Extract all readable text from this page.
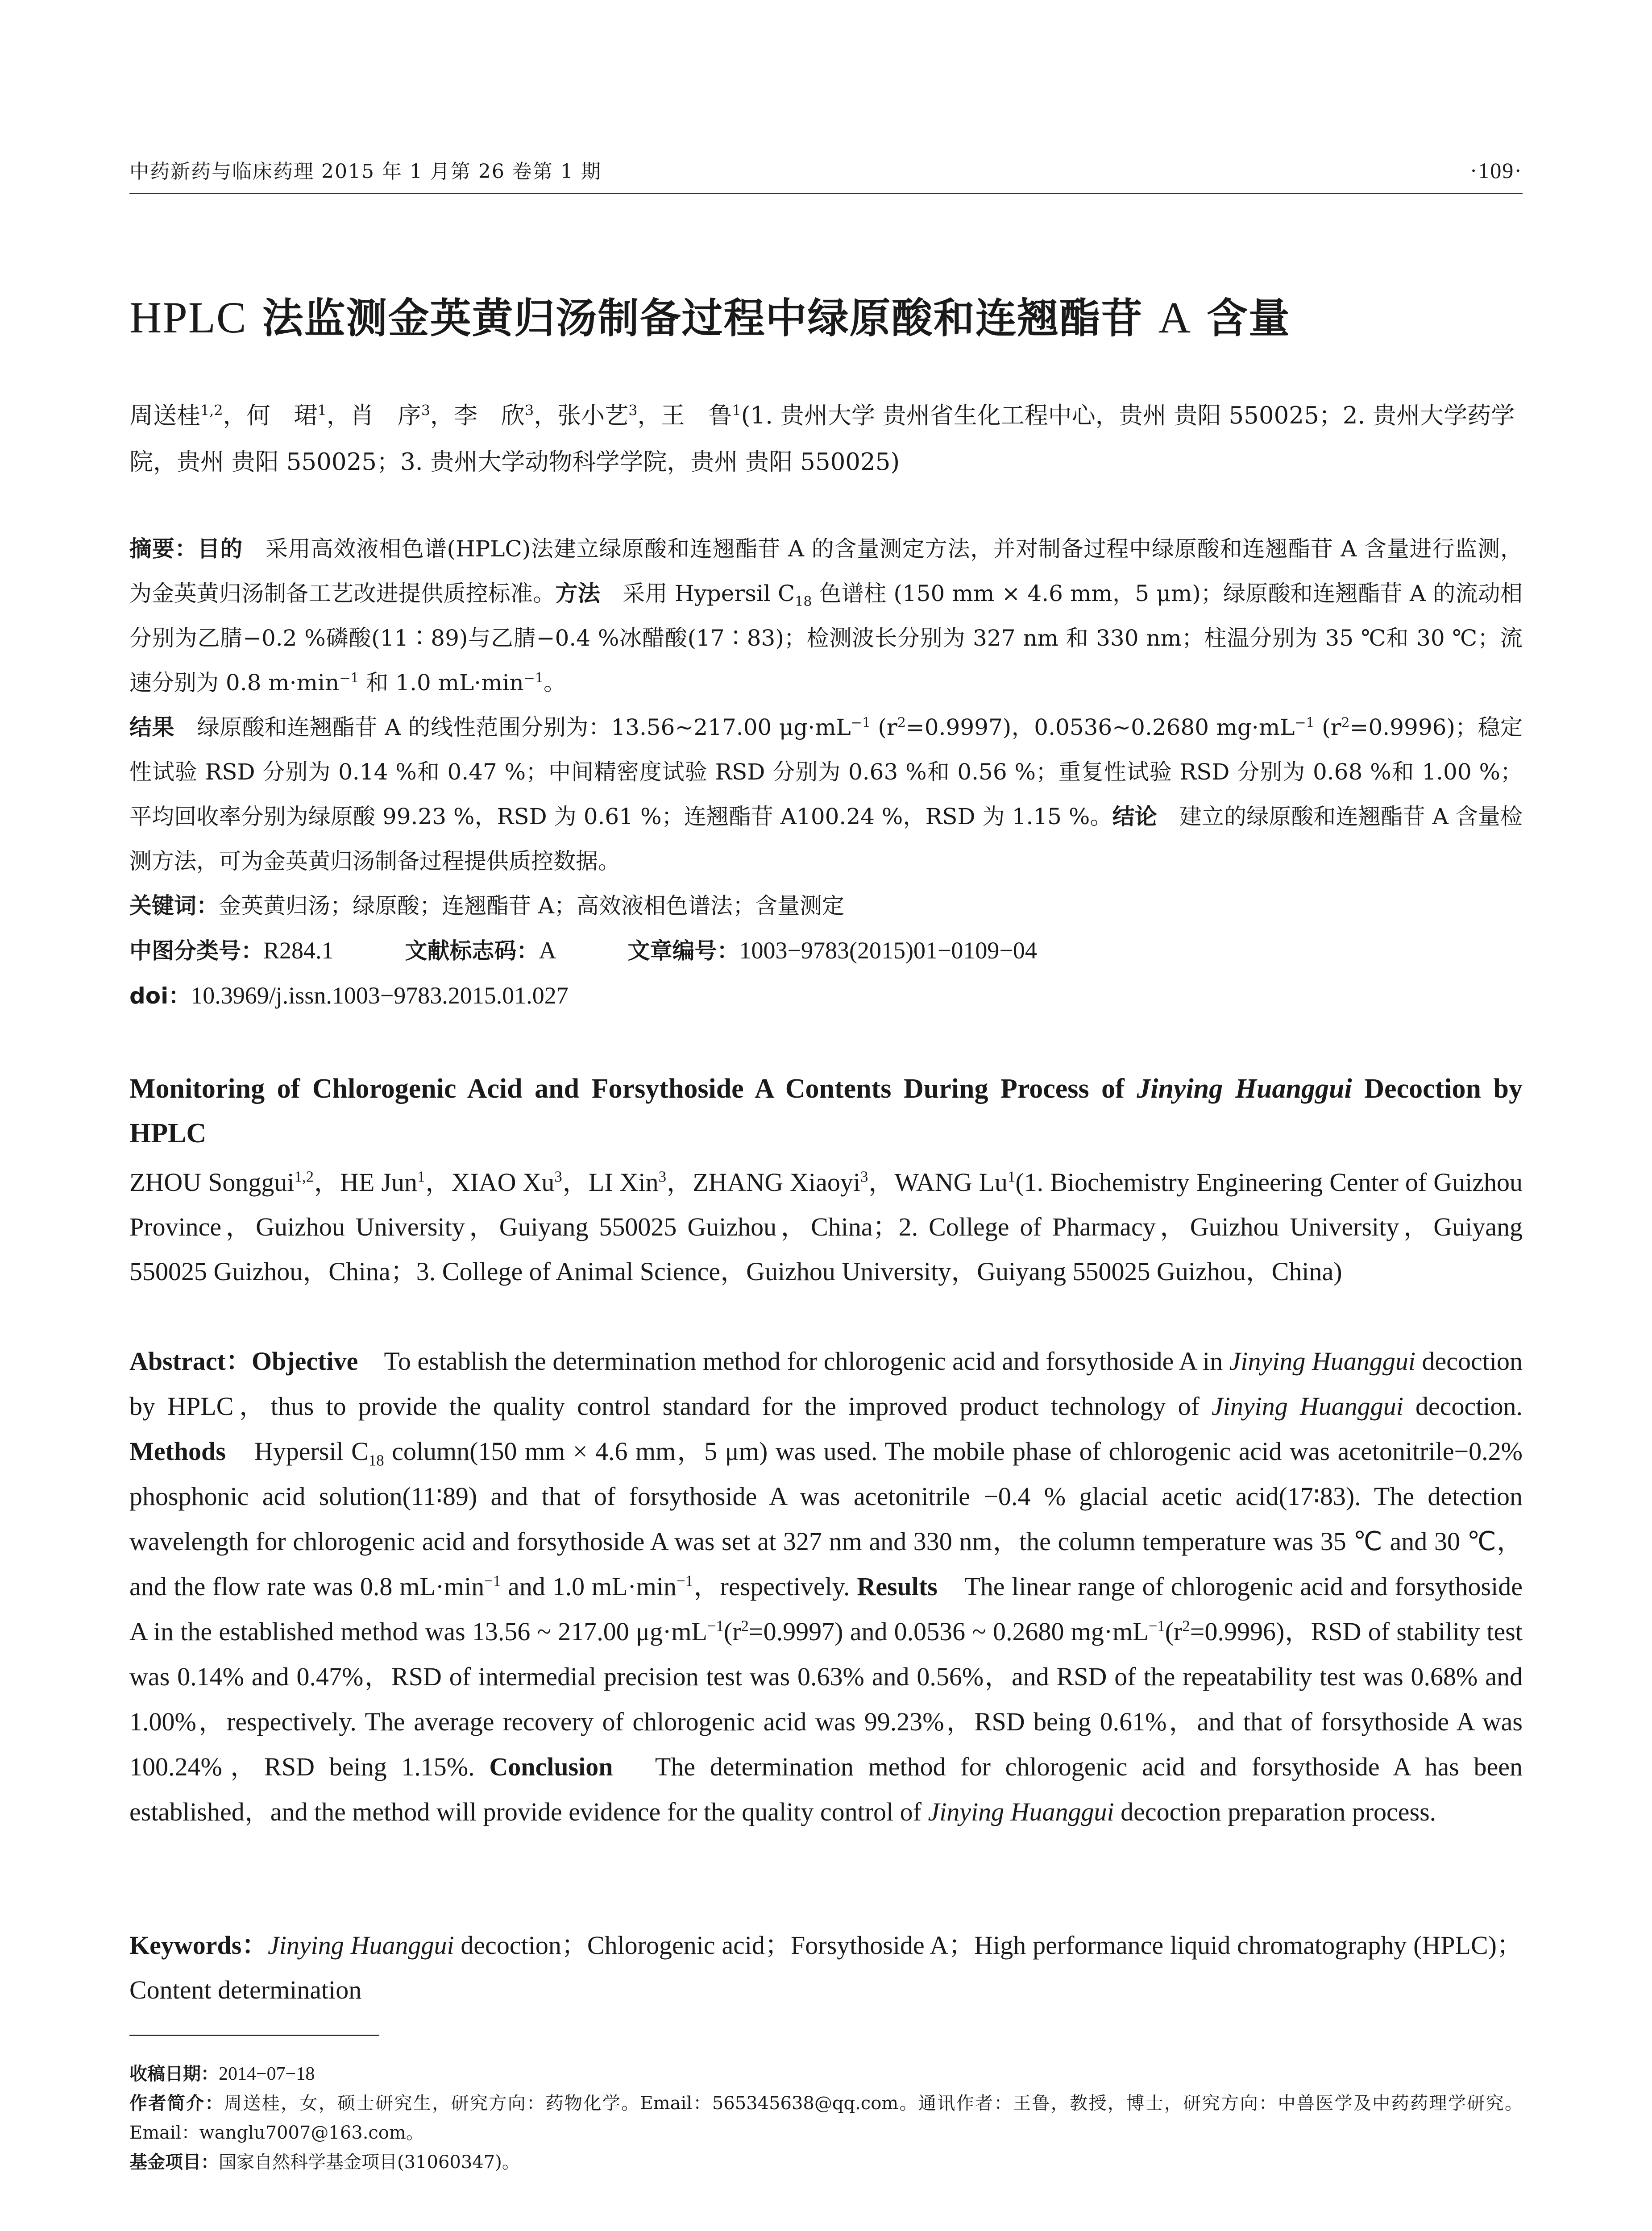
中药新药与临床药理 2015 年 1 月第 26 卷第 1 期	·109·
HPLC 法监测金英黄归汤制备过程中绿原酸和连翘酯苷 A 含量
周送桂$^{1,2}$，何　珺$^1$，肖　序$^3$，李　欣$^3$，张小艺$^3$，王　鲁$^1$(1. 贵州大学 贵州省生化工程中心，贵州 贵阳 550025；2. 贵州大学药学院，贵州 贵阳 550025；3. 贵州大学动物科学学院，贵州 贵阳 550025)

摘要：目的　采用高效液相色谱(HPLC)法建立绿原酸和连翘酯苷 A 的含量测定方法，并对制备过程中绿原酸和连翘酯苷 A 含量进行监测，为金英黄归汤制备工艺改进提供质控标准。方法　采用 Hypersil $C_{18}$ 色谱柱 (150 mm × 4.6 mm，5 μm)；绿原酸和连翘酯苷 A 的流动相分别为乙腈−0.2 %磷酸(11∶89)与乙腈−0.4 %冰醋酸(17∶83)；检测波长分别为 327 nm 和 330 nm；柱温分别为 35 ℃和 30 ℃；流速分别为 0.8 $m\cdot\min^{-1}$ 和 1.0 $mL\cdot\min^{-1}$。
结果　绿原酸和连翘酯苷 A 的线性范围分别为：13.56~217.00 $\mu g\cdot mL^{-1}$ $(r^2=0.9997)$，0.0536~0.2680 $mg\cdot mL^{-1}$ $(r^2=0.9996)$；稳定性试验 RSD 分别为 0.14 %和 0.47 %；中间精密度试验 RSD 分别为 0.63 %和 0.56 %；重复性试验 RSD 分别为 0.68 %和 1.00 %；平均回收率分别为绿原酸 99.23 %，RSD 为 0.61 %；连翘酯苷 A100.24 %，RSD 为 1.15 %。结论　建立的绿原酸和连翘酯苷 A 含量检测方法，可为金英黄归汤制备过程提供质控数据。

关键词：金英黄归汤；绿原酸；连翘酯苷 A；高效液相色谱法；含量测定
中图分类号：R284.1	文献标志码：A	文章编号：1003−9783(2015)01−0109−04
doi：10.3969/j.issn.1003−9783.2015.01.027
Monitoring of Chlorogenic Acid and Forsythoside A Contents During Process of Jinying Huanggui Decoction by HPLC
ZHOU Songgui$^{1,2}$，HE Jun$^1$，XIAO Xu$^3$，LI Xin$^3$，ZHANG Xiaoyi$^3$，WANG Lu$^1$(1. Biochemistry Engineering Center of Guizhou Province，Guizhou University，Guiyang 550025 Guizhou，China；2. College of Pharmacy，Guizhou University，Guiyang 550025 Guizhou，China；3. College of Animal Science，Guizhou University，Guiyang 550025 Guizhou，China)
Abstract：Objective　To establish the determination method for chlorogenic acid and forsythoside A in Jinying Huanggui decoction by HPLC，thus to provide the quality control standard for the improved product technology of Jinying Huanggui decoction. Methods　Hypersil $C_{18}$ column(150 mm × 4.6 mm，5 μm) was used. The mobile phase of chlorogenic acid was acetonitrile−0.2% phosphonic acid solution(11∶89) and that of forsythoside A was acetonitrile −0.4 % glacial acetic acid(17∶83). The detection wavelength for chlorogenic acid and forsythoside A was set at 327 nm and 330 nm，the column temperature was 35 ℃ and 30 ℃，and the flow rate was 0.8 $mL\cdot\min^{-1}$ and 1.0 $mL\cdot\min^{-1}$，respectively. Results　The linear range of chlorogenic acid and forsythoside A in the established method was 13.56 ~ 217.00 $\mu g\cdot mL^{-1}(r^2=0.9997)$ and 0.0536 ~ 0.2680 $mg\cdot mL^{-1}(r^2=0.9996)$，RSD of stability test was 0.14% and 0.47%，RSD of intermedial precision test was 0.63% and 0.56%，and RSD of the repeatability test was 0.68% and 1.00%，respectively. The average recovery of chlorogenic acid was 99.23%，RSD being 0.61%，and that of forsythoside A was 100.24%，RSD being 1.15%. Conclusion　The determination method for chlorogenic acid and forsythoside A has been established，and the method will provide evidence for the quality control of Jinying Huanggui decoction preparation process.
Keywords：Jinying Huanggui decoction；Chlorogenic acid；Forsythoside A；High performance liquid chromatography (HPLC)；Content determination

收稿日期：2014−07−18

作者简介：周送桂，女，硕士研究生，研究方向：药物化学。Email：565345638@qq.com。通讯作者：王鲁，教授，博士，研究方向：中兽医学及中药药理学研究。Email：wanglu7007@163.com。

基金项目：国家自然科学基金项目(31060347)。
